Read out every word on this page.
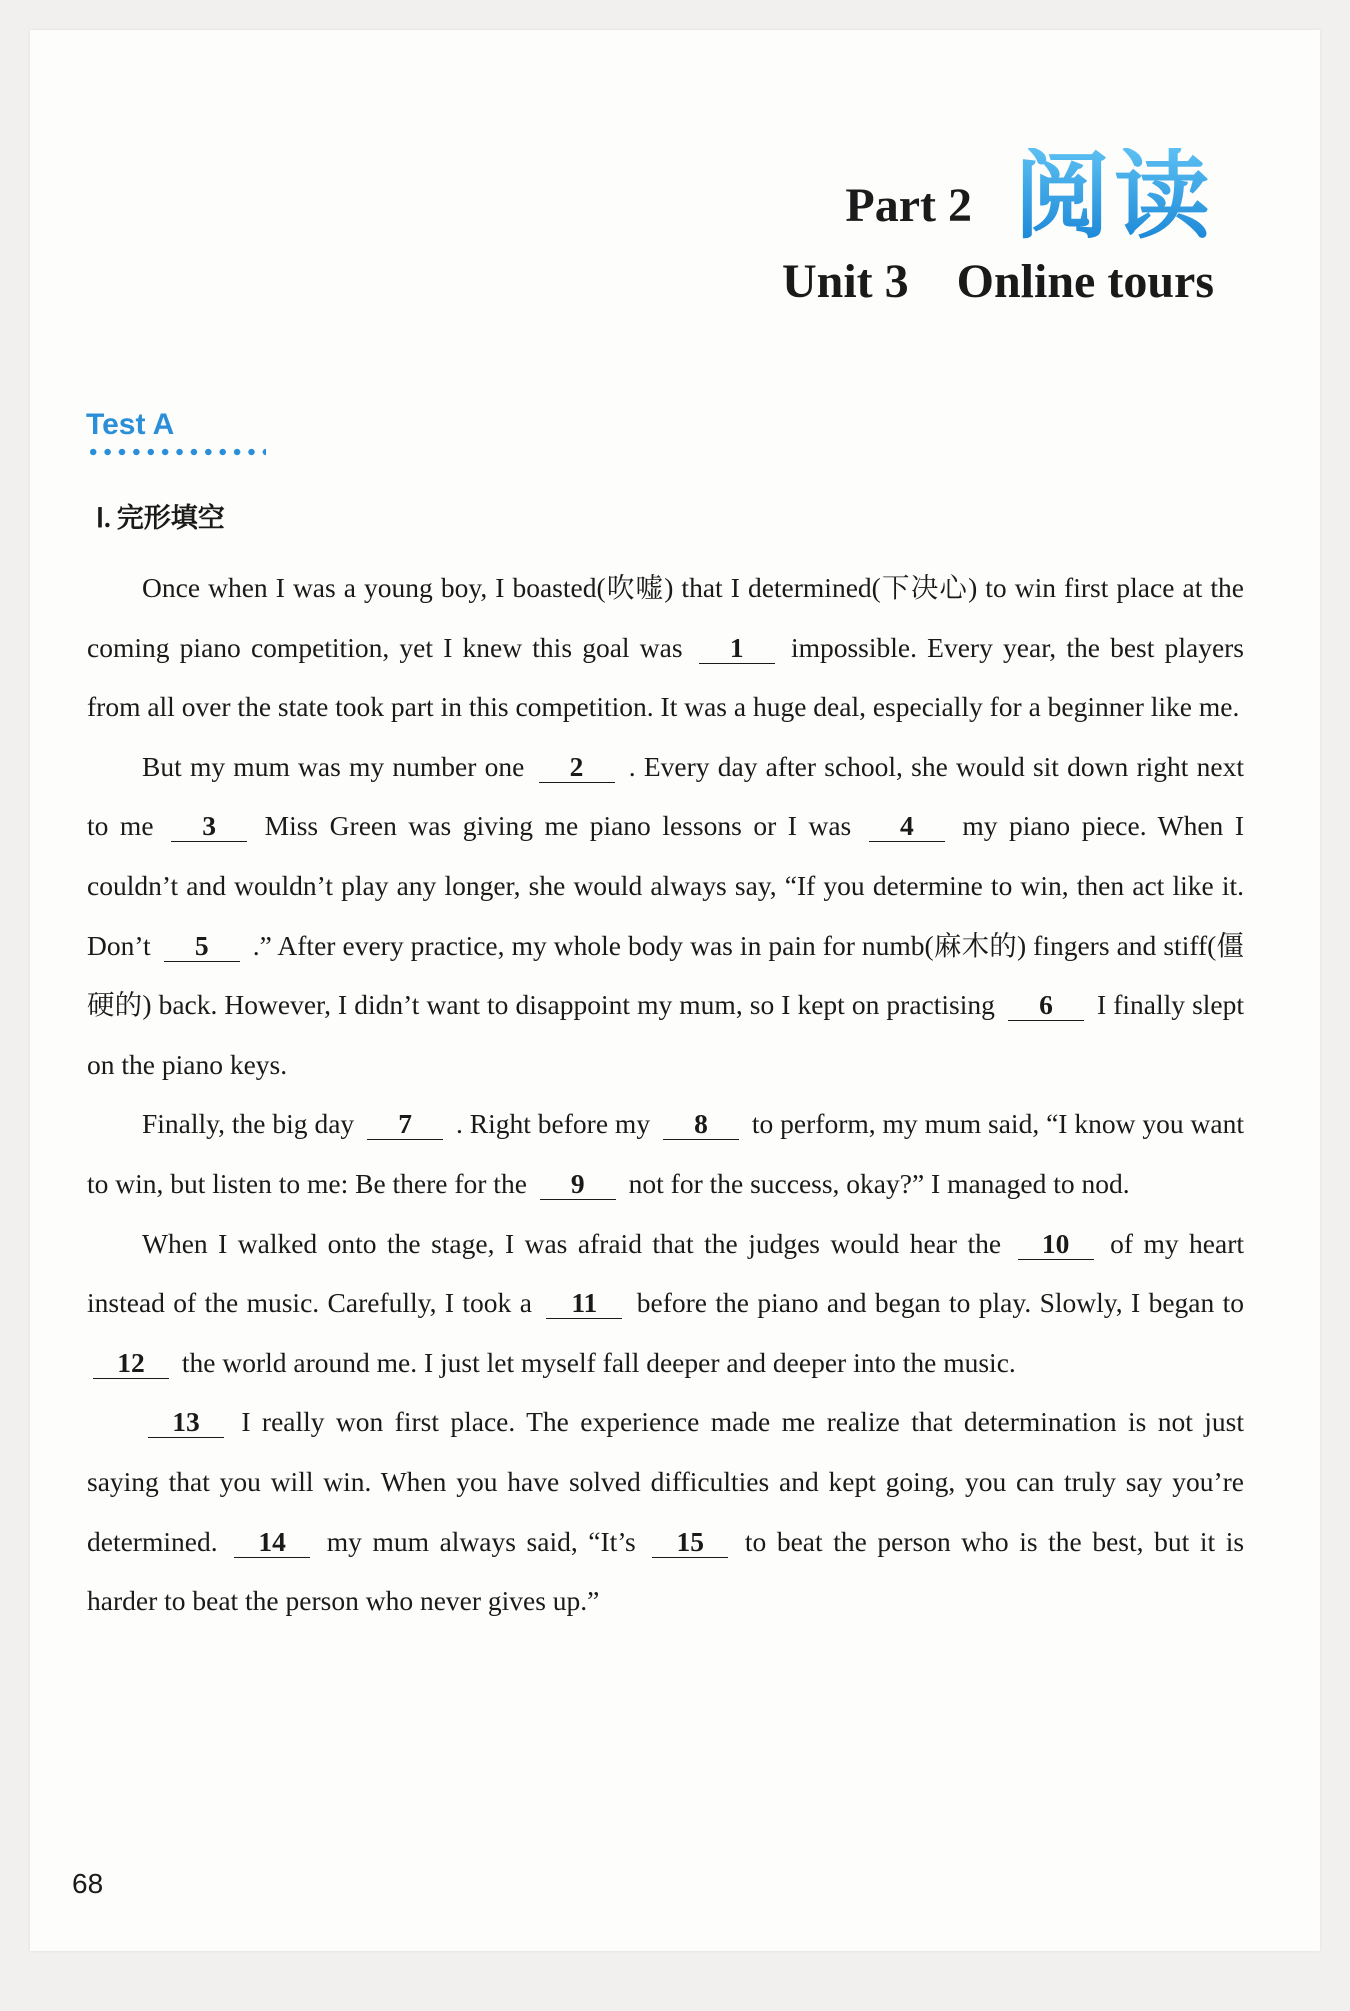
Part 2 阅读
Unit 3    Online tours
Test A
Ⅰ. 完形填空

Once when I was a young boy, I boasted(吹嘘) that I determined(下决心) to win first place at the coming piano competition, yet I knew this goal was 1 impossible. Every year, the best players from all over the state took part in this competition. It was a huge deal, especially for a beginner like me.

But my mum was my number one 2 . Every day after school, she would sit down right next to me 3 Miss Green was giving me piano lessons or I was 4 my piano piece. When I couldn’t and wouldn’t play any longer, she would always say, “If you determine to win, then act like it. Don’t 5 .” After every practice, my whole body was in pain for numb(麻木的) fingers and stiff(僵硬的) back. However, I didn’t want to disappoint my mum, so I kept on practising 6 I finally slept on the piano keys.

Finally, the big day 7 . Right before my 8 to perform, my mum said, “I know you want to win, but listen to me: Be there for the 9 not for the success, okay?” I managed to nod.

When I walked onto the stage, I was afraid that the judges would hear the 10 of my heart instead of the music. Carefully, I took a 11 before the piano and began to play. Slowly, I began to 12 the world around me. I just let myself fall deeper and deeper into the music.

13 I really won first place. The experience made me realize that determination is not just saying that you will win. When you have solved difficulties and kept going, you can truly say you’re determined. 14 my mum always said, “It’s 15 to beat the person who is the best, but it is harder to beat the person who never gives up.”

68
